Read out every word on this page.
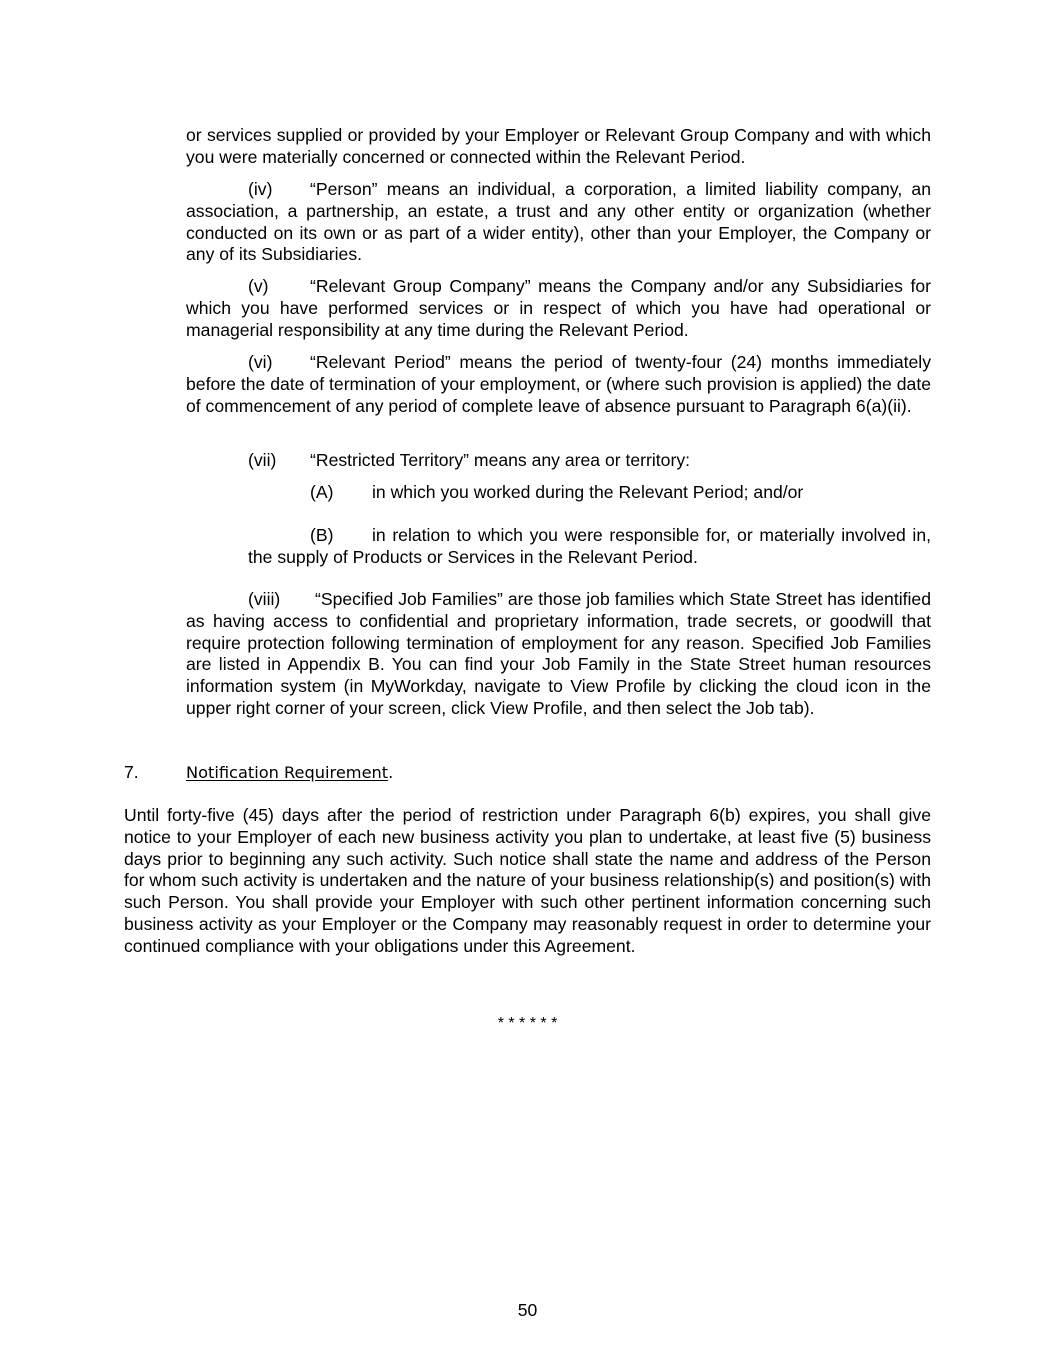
or services supplied or provided by your Employer or Relevant Group Company and with which you were materially concerned or connected within the Relevant Period.

(iv) “Person” means an individual, a corporation, a limited liability company, an association, a partnership, an estate, a trust and any other entity or organization (whether conducted on its own or as part of a wider entity), other than your Employer, the Company or any of its Subsidiaries.

(v) “Relevant Group Company” means the Company and/or any Subsidiaries for which you have performed services or in respect of which you have had operational or managerial responsibility at any time during the Relevant Period.

(vi) “Relevant Period” means the period of twenty-four (24) months immediately before the date of termination of your employment, or (where such provision is applied) the date of commencement of any period of complete leave of absence pursuant to Paragraph 6(a)(ii).

(vii) “Restricted Territory” means any area or territory:

(A) in which you worked during the Relevant Period; and/or

(B) in relation to which you were responsible for, or materially involved in, the supply of Products or Services in the Relevant Period.

(viii) “Specified Job Families” are those job families which State Street has identified as having access to confidential and proprietary information, trade secrets, or goodwill that require protection following termination of employment for any reason. Specified Job Families are listed in Appendix B. You can find your Job Family in the State Street human resources information system (in MyWorkday, navigate to View Profile by clicking the cloud icon in the upper right corner of your screen, click View Profile, and then select the Job tab).

7.	Notification Requirement.

Until forty-five (45) days after the period of restriction under Paragraph 6(b) expires, you shall give notice to your Employer of each new business activity you plan to undertake, at least five (5) business days prior to beginning any such activity. Such notice shall state the name and address of the Person for whom such activity is undertaken and the nature of your business relationship(s) and position(s) with such Person. You shall provide your Employer with such other pertinent information concerning such business activity as your Employer or the Company may reasonably request in order to determine your continued compliance with your obligations under this Agreement.

* * * * * *

50
